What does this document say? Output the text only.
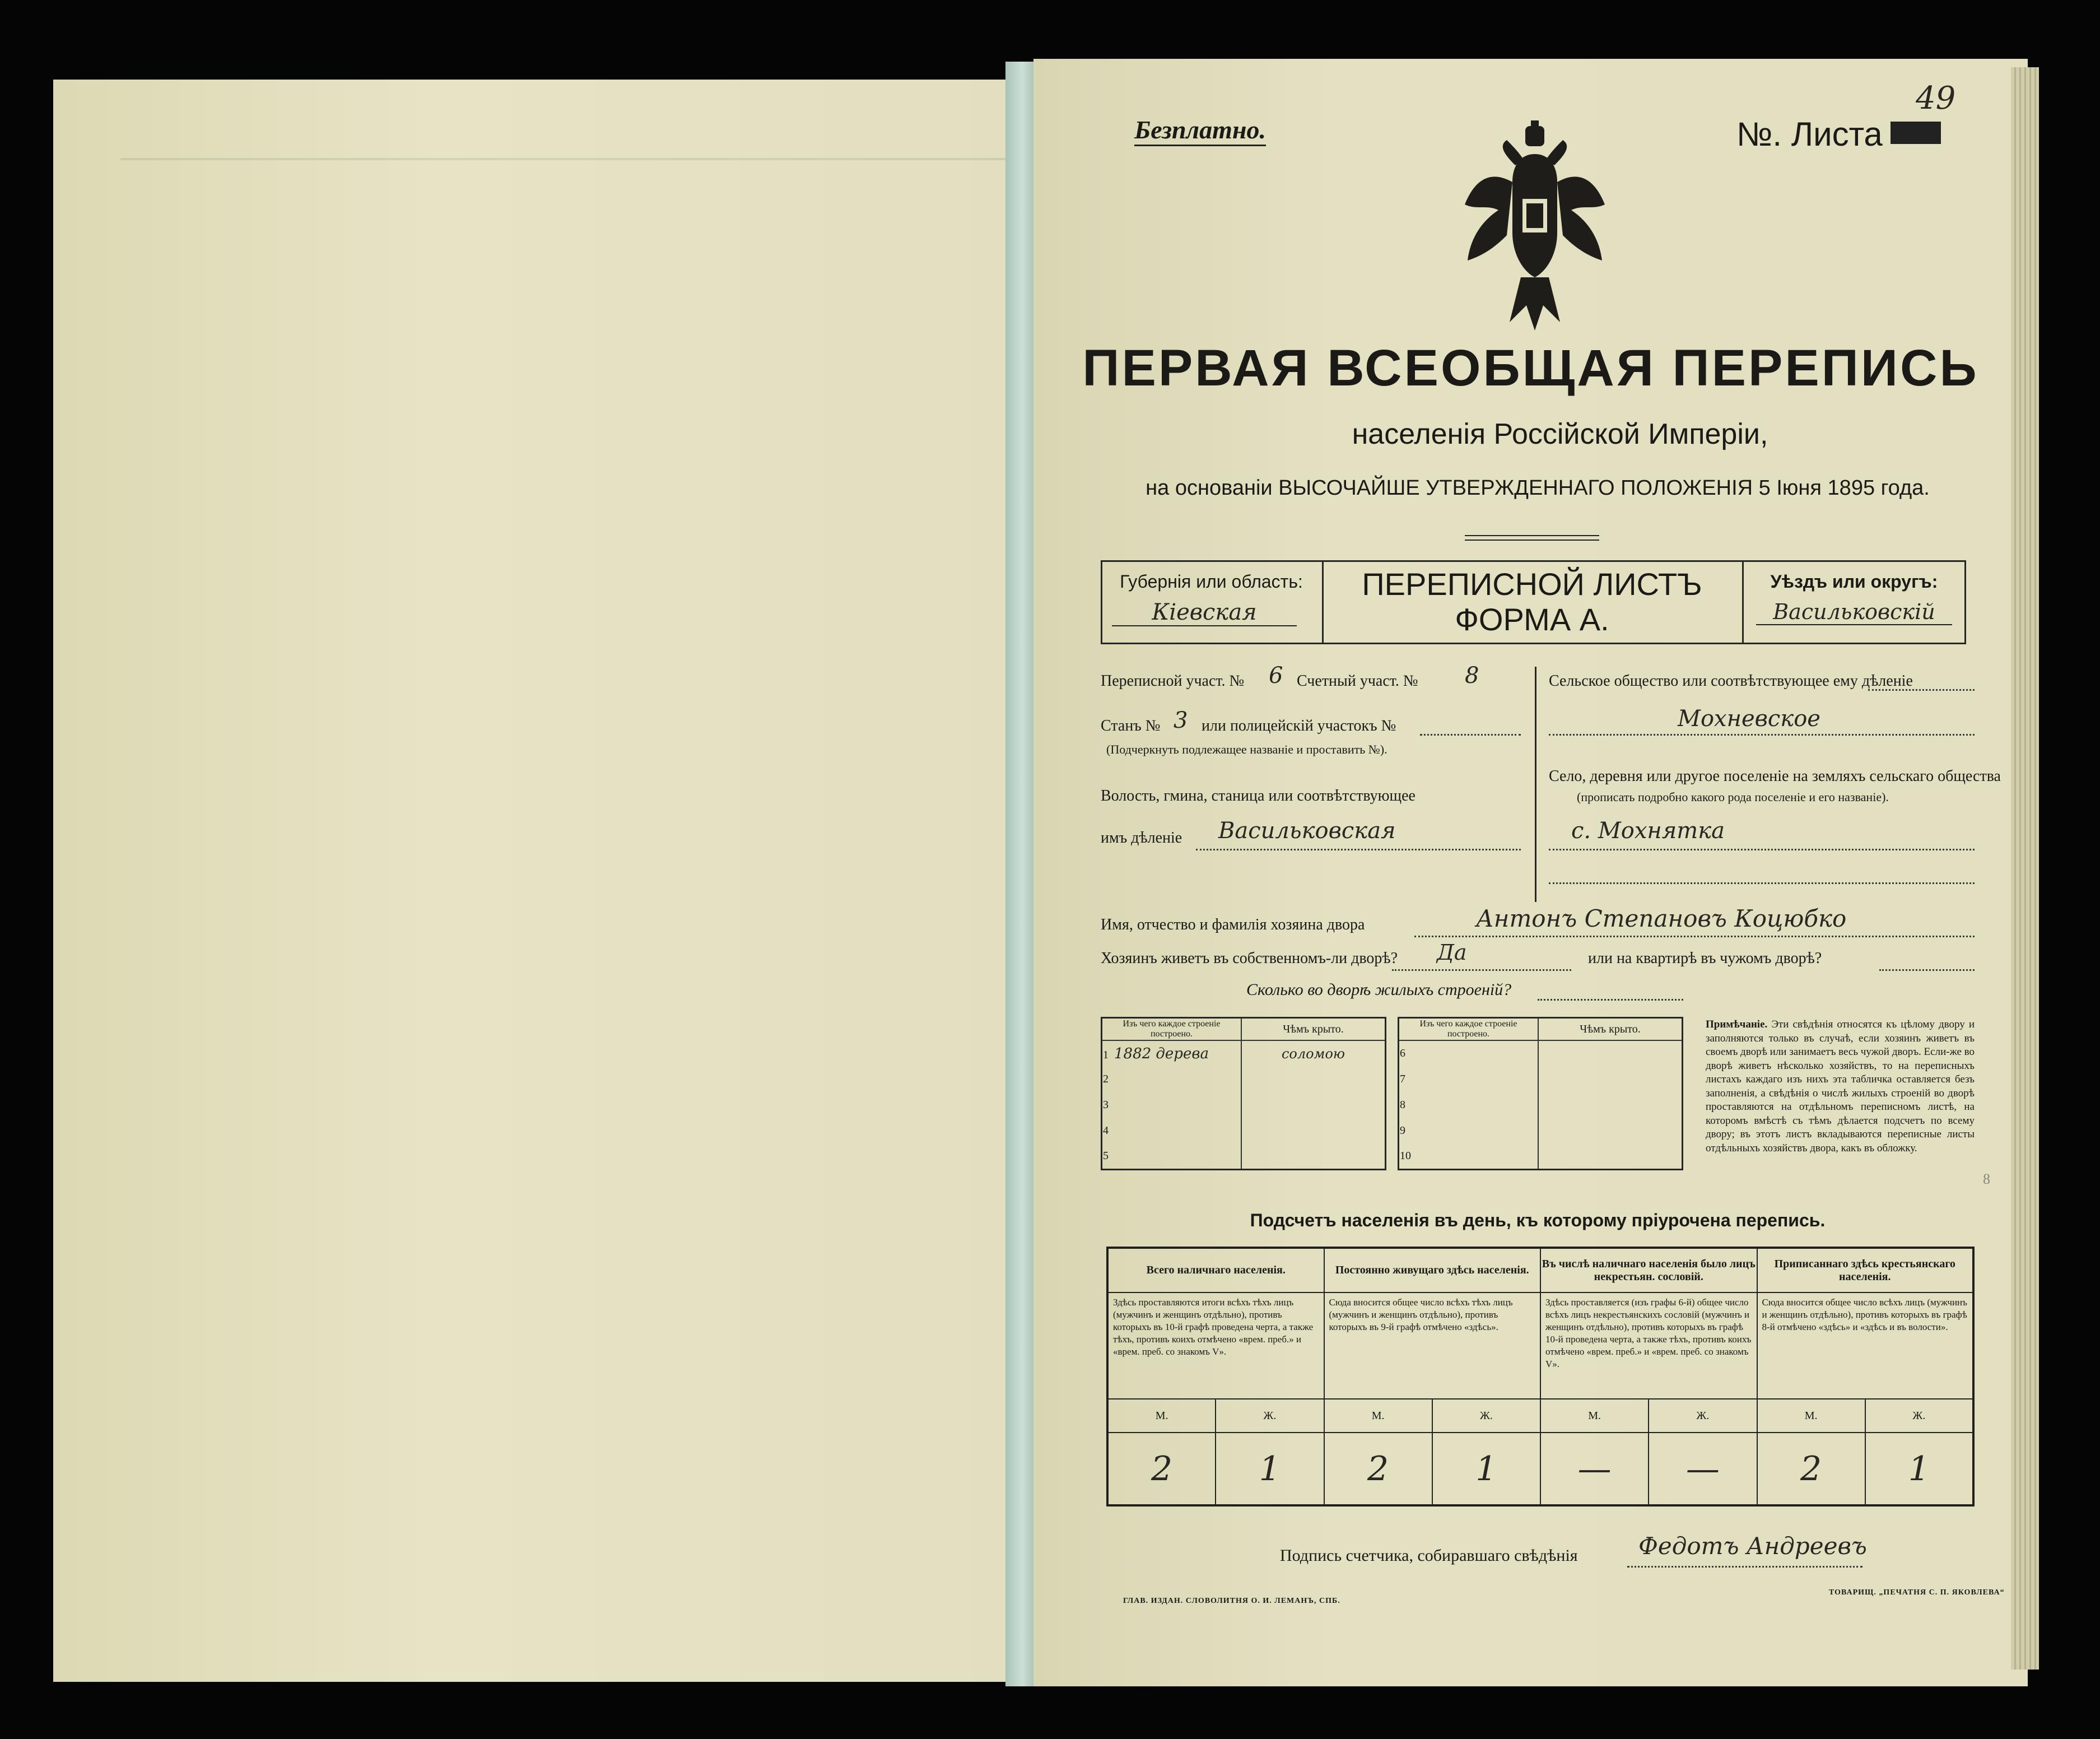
Безплатно.	№. Листа
49
ПЕРВАЯ ВСЕОБЩАЯ ПЕРЕПИСЬ
населенія Россійской Имперіи,
на основаніи ВЫСОЧАЙШЕ УТВЕРЖДЕННАГО ПОЛОЖЕНІЯ 5 Іюня 1895 года.
Губернія или область:
Кіевская
ПЕРЕПИСНОЙ ЛИСТЪ
ФОРМА А.
Уѣздъ или округъ:
Васильковскій
Переписной участ. № 6 Счетный участ. № 8
Станъ № 3 или полицейскій участокъ №
(Подчеркнуть подлежащее названіе и проставить №).
Волость, гмина, станица или соотвѣтствующее
имъ дѣленіе Васильковская
Сельское общество или соотвѣтствующее ему дѣленіе
Мохневское
Село, деревня или другое поселеніе на земляхъ сельскаго общества
(прописать подробно какого рода поселеніе и его названіе).
с. Мохнятка
Имя, отчество и фамилія хозяина двора	Антонъ Степановъ Коцюбко
Хозяинъ живетъ въ собственномъ-ли дворѣ? Да	или на квартирѣ въ чужомъ дворѣ?
Сколько во дворѣ жилыхъ строеній?
Изъ чего каждое строеніе построено.	Чѣмъ крыто.
1 1882 дерева	соломою
2	
3	
4	
5	
Изъ чего каждое строеніе построено.	Чѣмъ крыто.
6	
7	
8	
9	
10	
Примѣчаніе. Эти свѣдѣнія относятся къ цѣлому двору и заполняются только въ случаѣ, если хозяинъ живетъ въ своемъ дворѣ или занимаетъ весь чужой дворъ. Если-же во дворѣ живетъ нѣсколько хозяйствъ, то на переписныхъ листахъ каждаго изъ нихъ эта табличка оставляется безъ заполненія, а свѣдѣнія о числѣ жилыхъ строеній во дворѣ проставляются на отдѣльномъ переписномъ листѣ, на которомъ вмѣстѣ съ тѣмъ дѣлается подсчетъ по всему двору; въ этотъ листъ вкладываются переписные листы отдѣльныхъ хозяйствъ двора, какъ въ обложку.
8
Подсчетъ населенія въ день, къ которому пріурочена перепись.
Всего наличнаго населенія.		Постоянно живущаго здѣсь населенія.		Въ числѣ наличнаго населенія было лицъ некрестьян. сословій.		Приписаннаго здѣсь крестьянскаго населенія.	
Здѣсь проставляются итоги всѣхъ тѣхъ лицъ (мужчинъ и женщинъ отдѣльно), противъ которыхъ въ 10-й графѣ проведена черта, а также тѣхъ, противъ коихъ отмѣчено «врем. преб.» и «врем. преб. со знакомъ V».		Сюда вносится общее число всѣхъ тѣхъ лицъ (мужчинъ и женщинъ отдѣльно), противъ которыхъ въ 9-й графѣ отмѣчено «здѣсь».		Здѣсь проставляется (изъ графы 6-й) общее число всѣхъ лицъ некрестьянскихъ сословій (мужчинъ и женщинъ отдѣльно), противъ которыхъ въ графѣ 10-й проведена черта, а также тѣхъ, противъ коихъ отмѣчено «врем. преб.» и «врем. преб. со знакомъ V».		Сюда вносится общее число всѣхъ лицъ (мужчинъ и женщинъ отдѣльно), противъ которыхъ въ графѣ 8-й отмѣчено «здѣсь» и «здѣсь и въ волости».	
М.	Ж.	М.	Ж.	М.	Ж.	М.	Ж.
2	1	2	1	—	—	2	1
Подпись счетчика, собиравшаго свѣдѣнія	Федотъ Андреевъ
ГЛАВ. ИЗДАН. СЛОВОЛИТНЯ О. И. ЛЕМАНЪ, СПБ.
ТОВАРИЩ. „ПЕЧАТНЯ С. П. ЯКОВЛЕВА“
